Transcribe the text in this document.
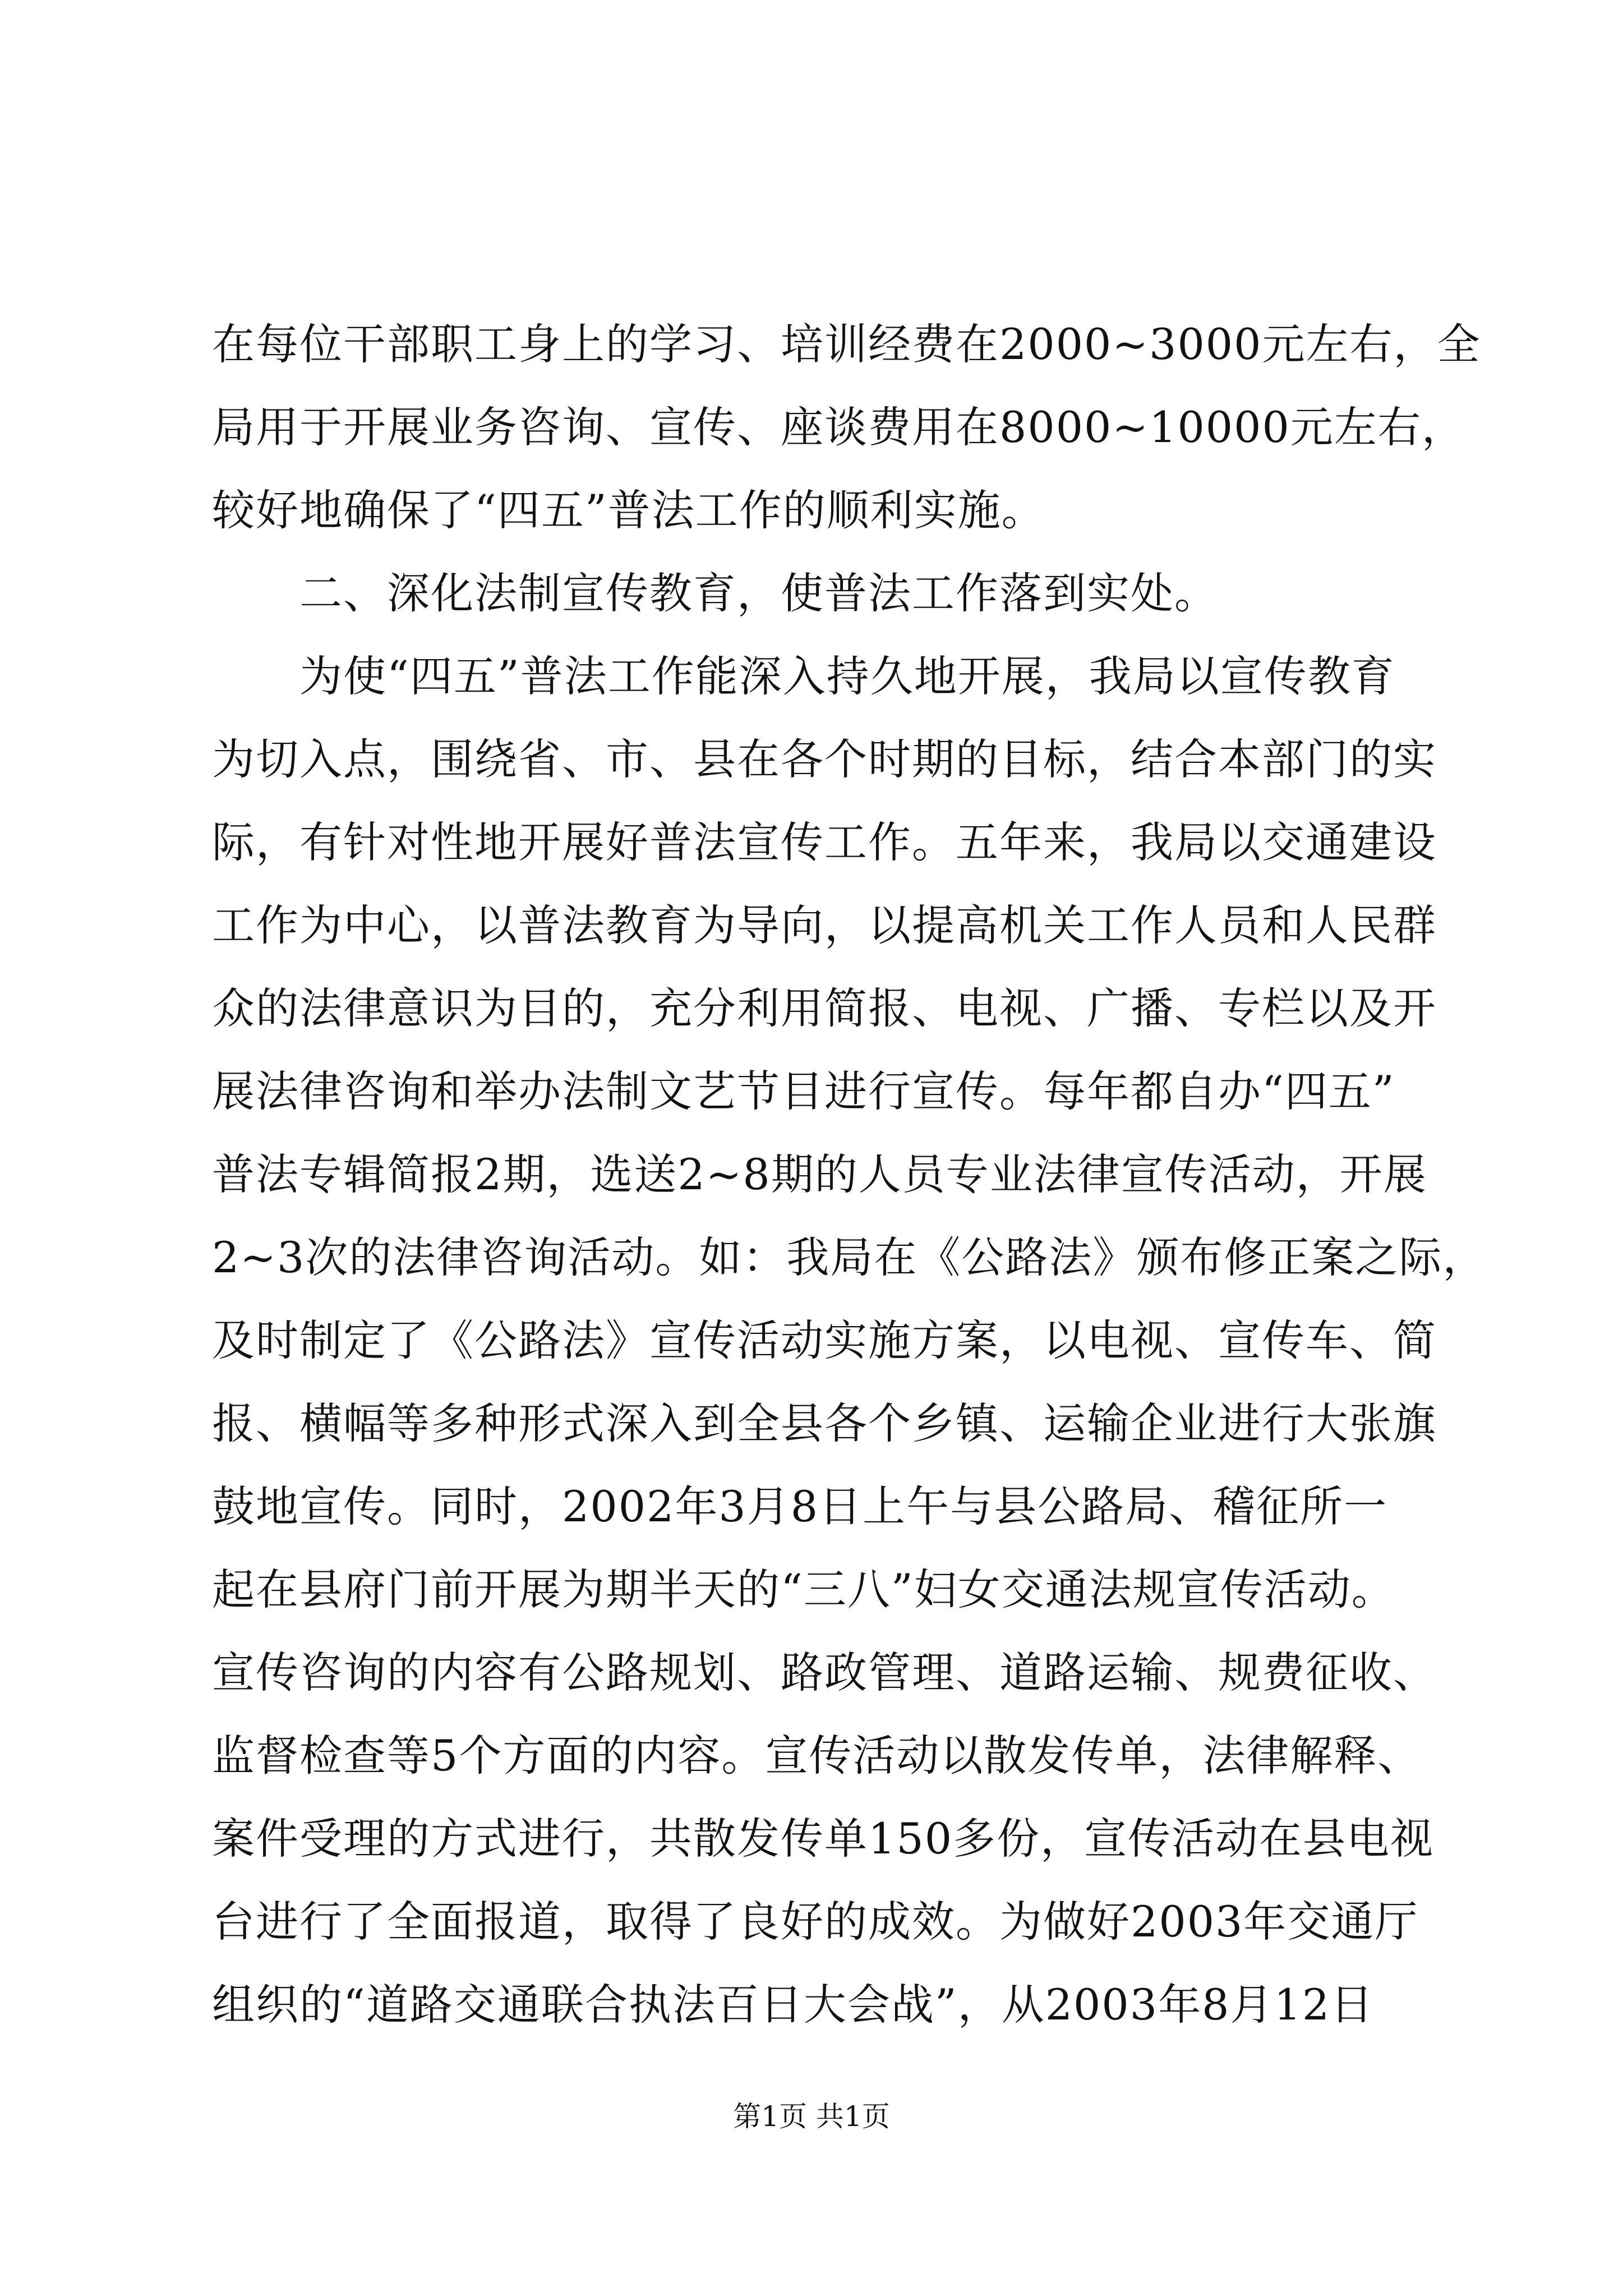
在每位干部职工身上的学习、培训经费在2000~3000元左右，全
局用于开展业务咨询、宣传、座谈费用在8000~10000元左右，
较好地确保了“四五”普法工作的顺利实施。
　　二、深化法制宣传教育，使普法工作落到实处。
　　为使“四五”普法工作能深入持久地开展，我局以宣传教育
为切入点，围绕省、市、县在各个时期的目标，结合本部门的实
际，有针对性地开展好普法宣传工作。五年来，我局以交通建设
工作为中心，以普法教育为导向，以提高机关工作人员和人民群
众的法律意识为目的，充分利用简报、电视、广播、专栏以及开
展法律咨询和举办法制文艺节目进行宣传。每年都自办“四五”
普法专辑简报2期，选送2~8期的人员专业法律宣传活动，开展
2~3次的法律咨询活动。如：我局在《公路法》颁布修正案之际，
及时制定了《公路法》宣传活动实施方案，以电视、宣传车、简
报、横幅等多种形式深入到全县各个乡镇、运输企业进行大张旗
鼓地宣传。同时，2002年3月8日上午与县公路局、稽征所一
起在县府门前开展为期半天的“三八”妇女交通法规宣传活动。
宣传咨询的内容有公路规划、路政管理、道路运输、规费征收、
监督检查等5个方面的内容。宣传活动以散发传单，法律解释、
案件受理的方式进行，共散发传单150多份，宣传活动在县电视
台进行了全面报道，取得了良好的成效。为做好2003年交通厅
组织的“道路交通联合执法百日大会战”，从2003年8月12日
第1页 共1页
